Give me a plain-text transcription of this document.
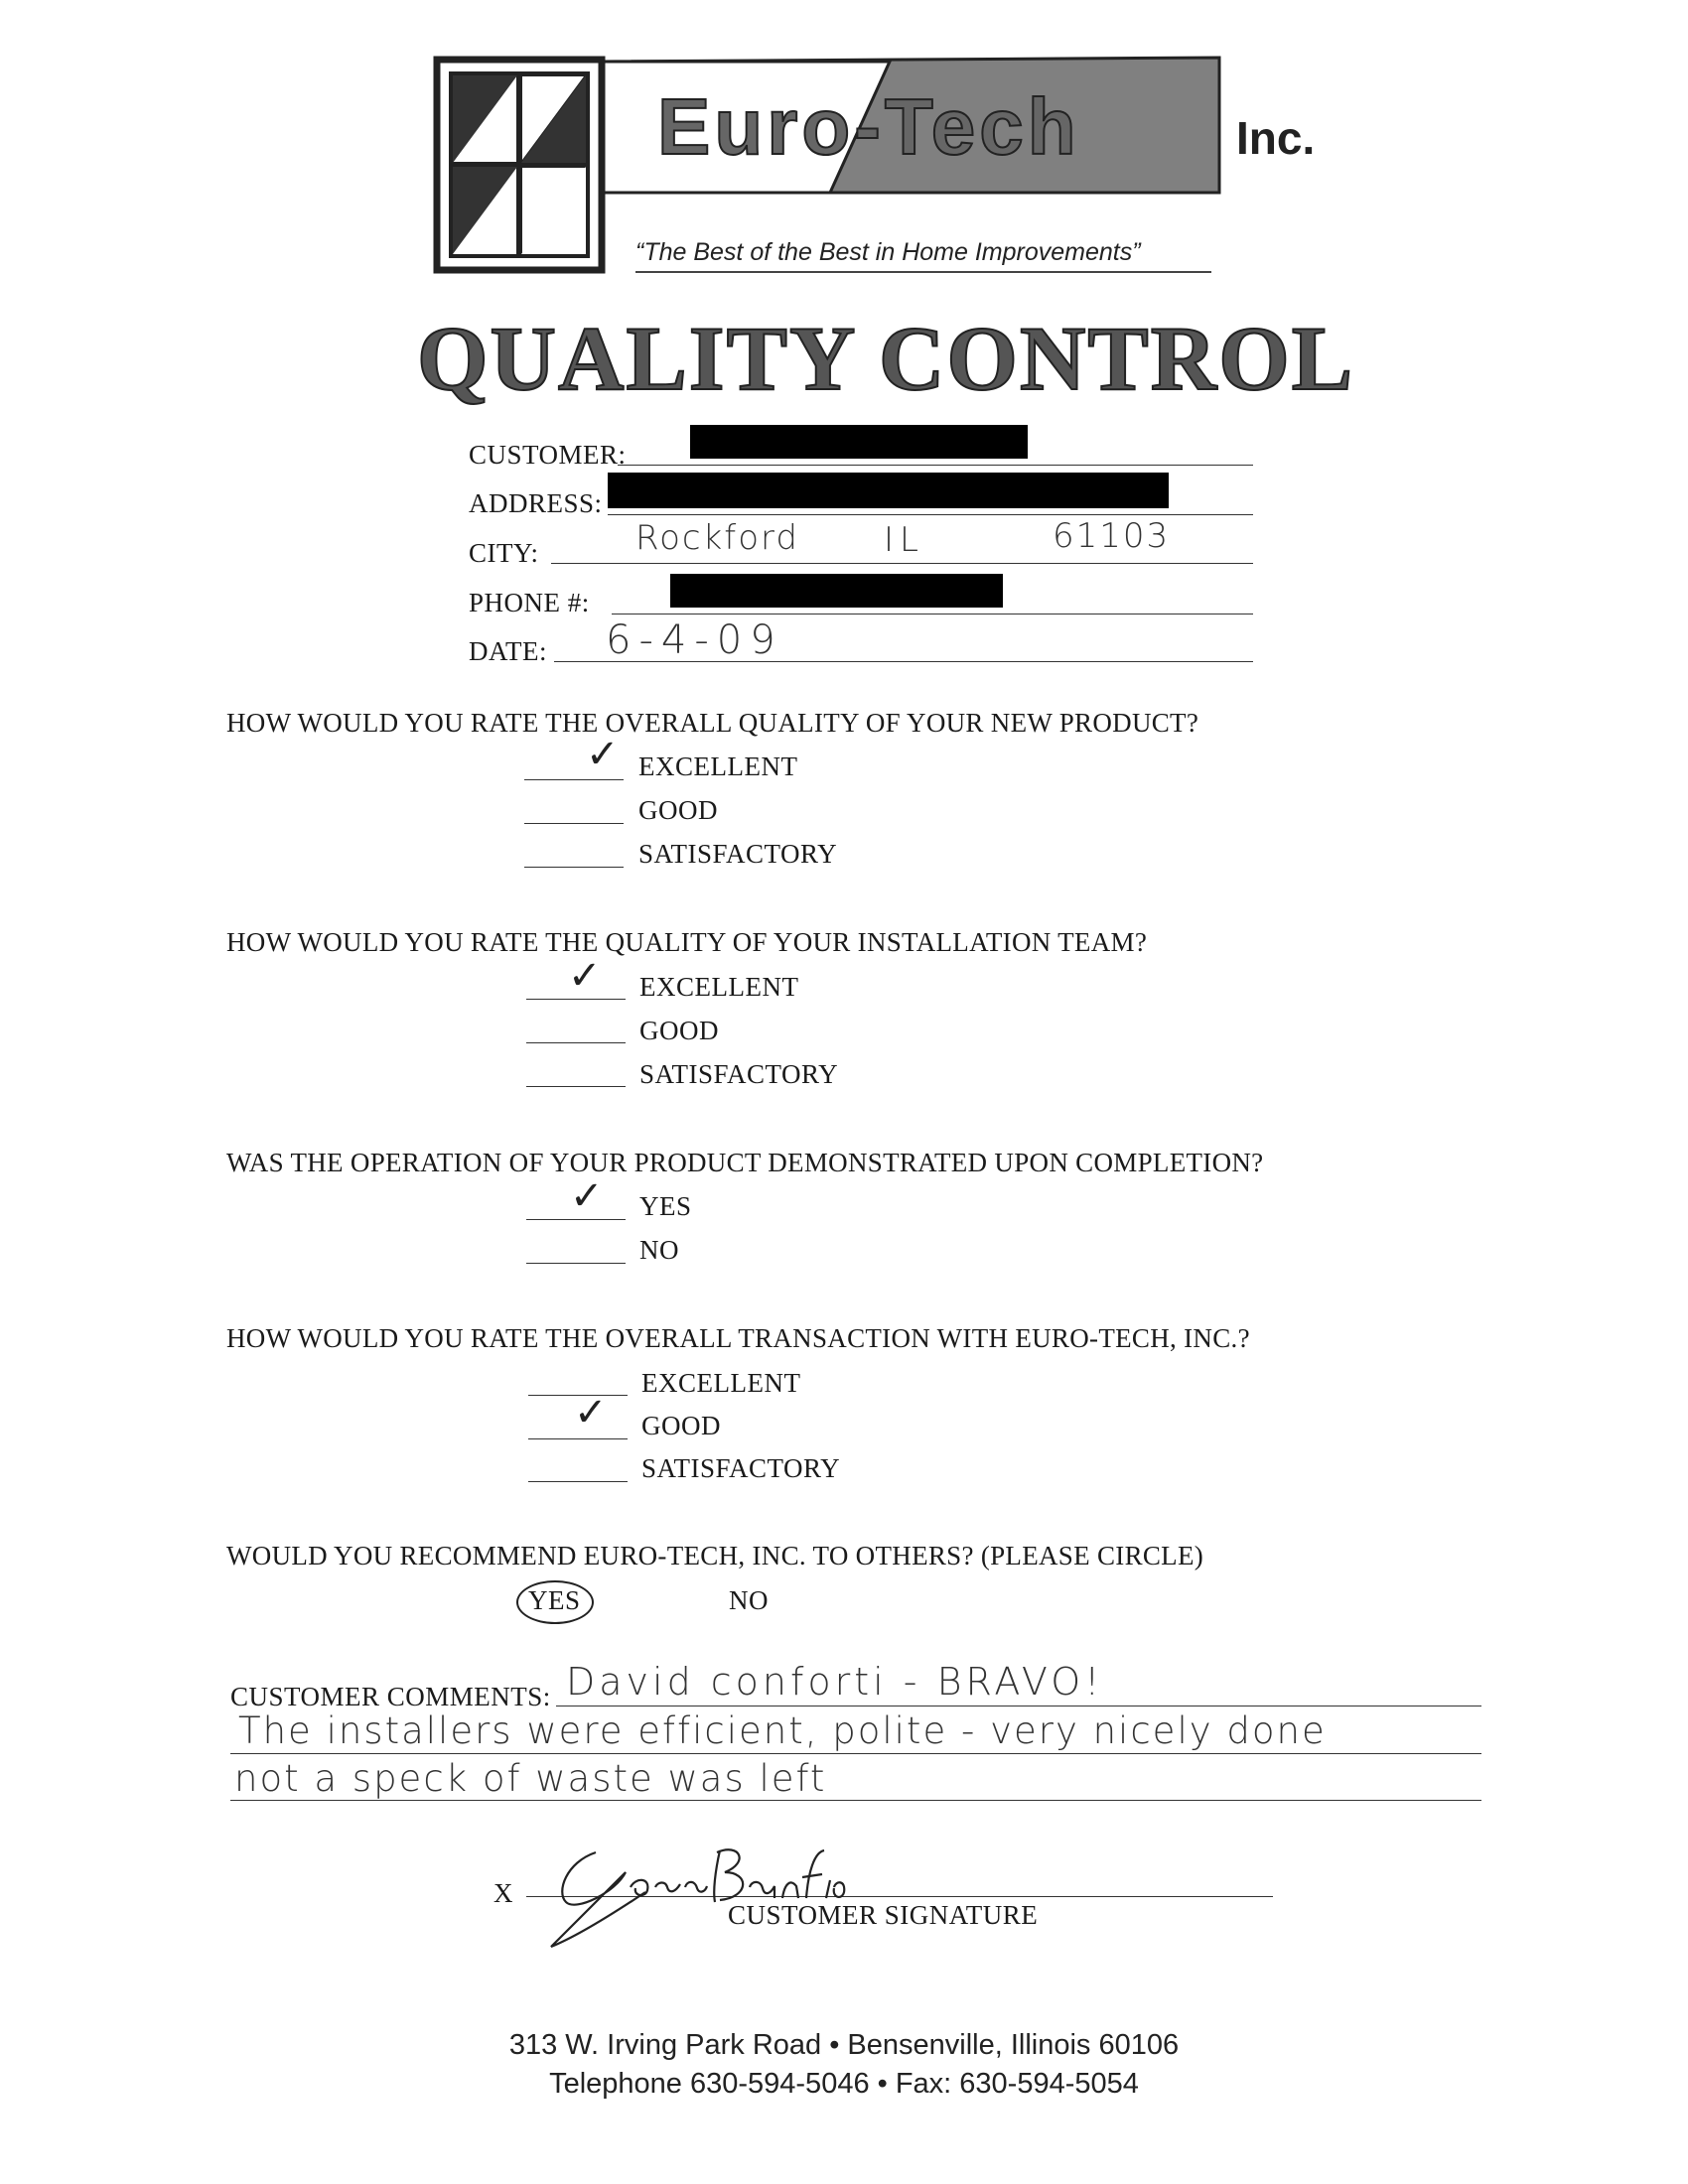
Euro-Tech	Inc.
“The Best of the Best in Home Improvements”
QUALITY CONTROL
CUSTOMER:
ADDRESS:
CITY:	Rockford IL	61103
PHONE #:
DATE: 6-4-09
HOW WOULD YOU RATE THE OVERALL QUALITY OF YOUR NEW PRODUCT?
✓ EXCELLENT
GOOD
SATISFACTORY
HOW WOULD YOU RATE THE QUALITY OF YOUR INSTALLATION TEAM?
✓ EXCELLENT
GOOD
SATISFACTORY
WAS THE OPERATION OF YOUR PRODUCT DEMONSTRATED UPON COMPLETION?
✓ YES
NO
HOW WOULD YOU RATE THE OVERALL TRANSACTION WITH EURO-TECH, INC.?
EXCELLENT
✓ GOOD
SATISFACTORY
WOULD YOU RECOMMEND EURO-TECH, INC. TO OTHERS? (PLEASE CIRCLE)
YES	NO
CUSTOMER COMMENTS: David conforti - BRAVO!
The installers were efficient, polite - very nicely done
not a speck of waste was left
X
CUSTOMER SIGNATURE
313 W. Irving Park Road • Bensenville, Illinois 60106
Telephone 630-594-5046 • Fax: 630-594-5054
